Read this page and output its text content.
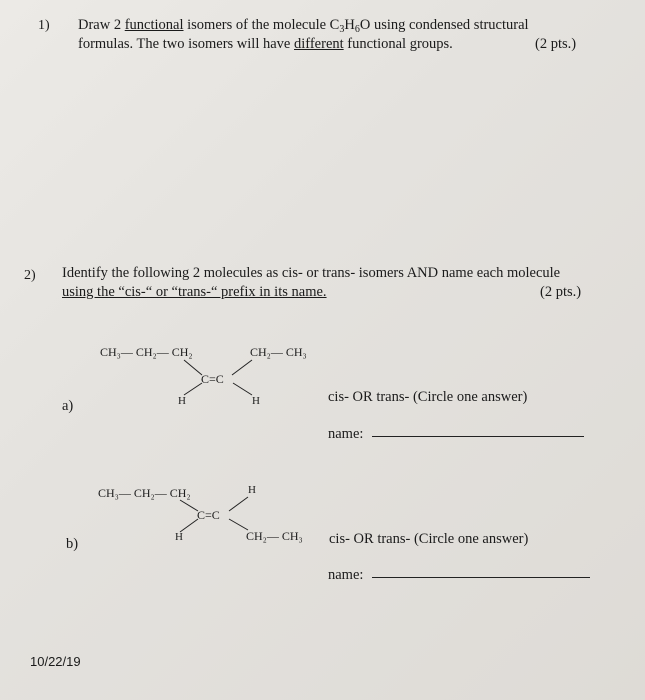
1) Draw 2 functional isomers of the molecule $C_3H_6O$ using condensed structural
formulas. The two isomers will have different functional groups.	(2 pts.)
2) Identify the following 2 molecules as cis- or trans- isomers AND name each molecule
using the “cis-“ or “trans-“ prefix in its name.	(2 pts.)
CH₃— CH₂— CH₂	CH₂— CH₃
C=C
H	H
a)
cis- OR trans- (Circle one answer)
name:
CH₃— CH₂— CH₂	H
C=C
H	CH₂— CH₃
b)	cis- OR trans- (Circle one answer)
name:
10/22/19
